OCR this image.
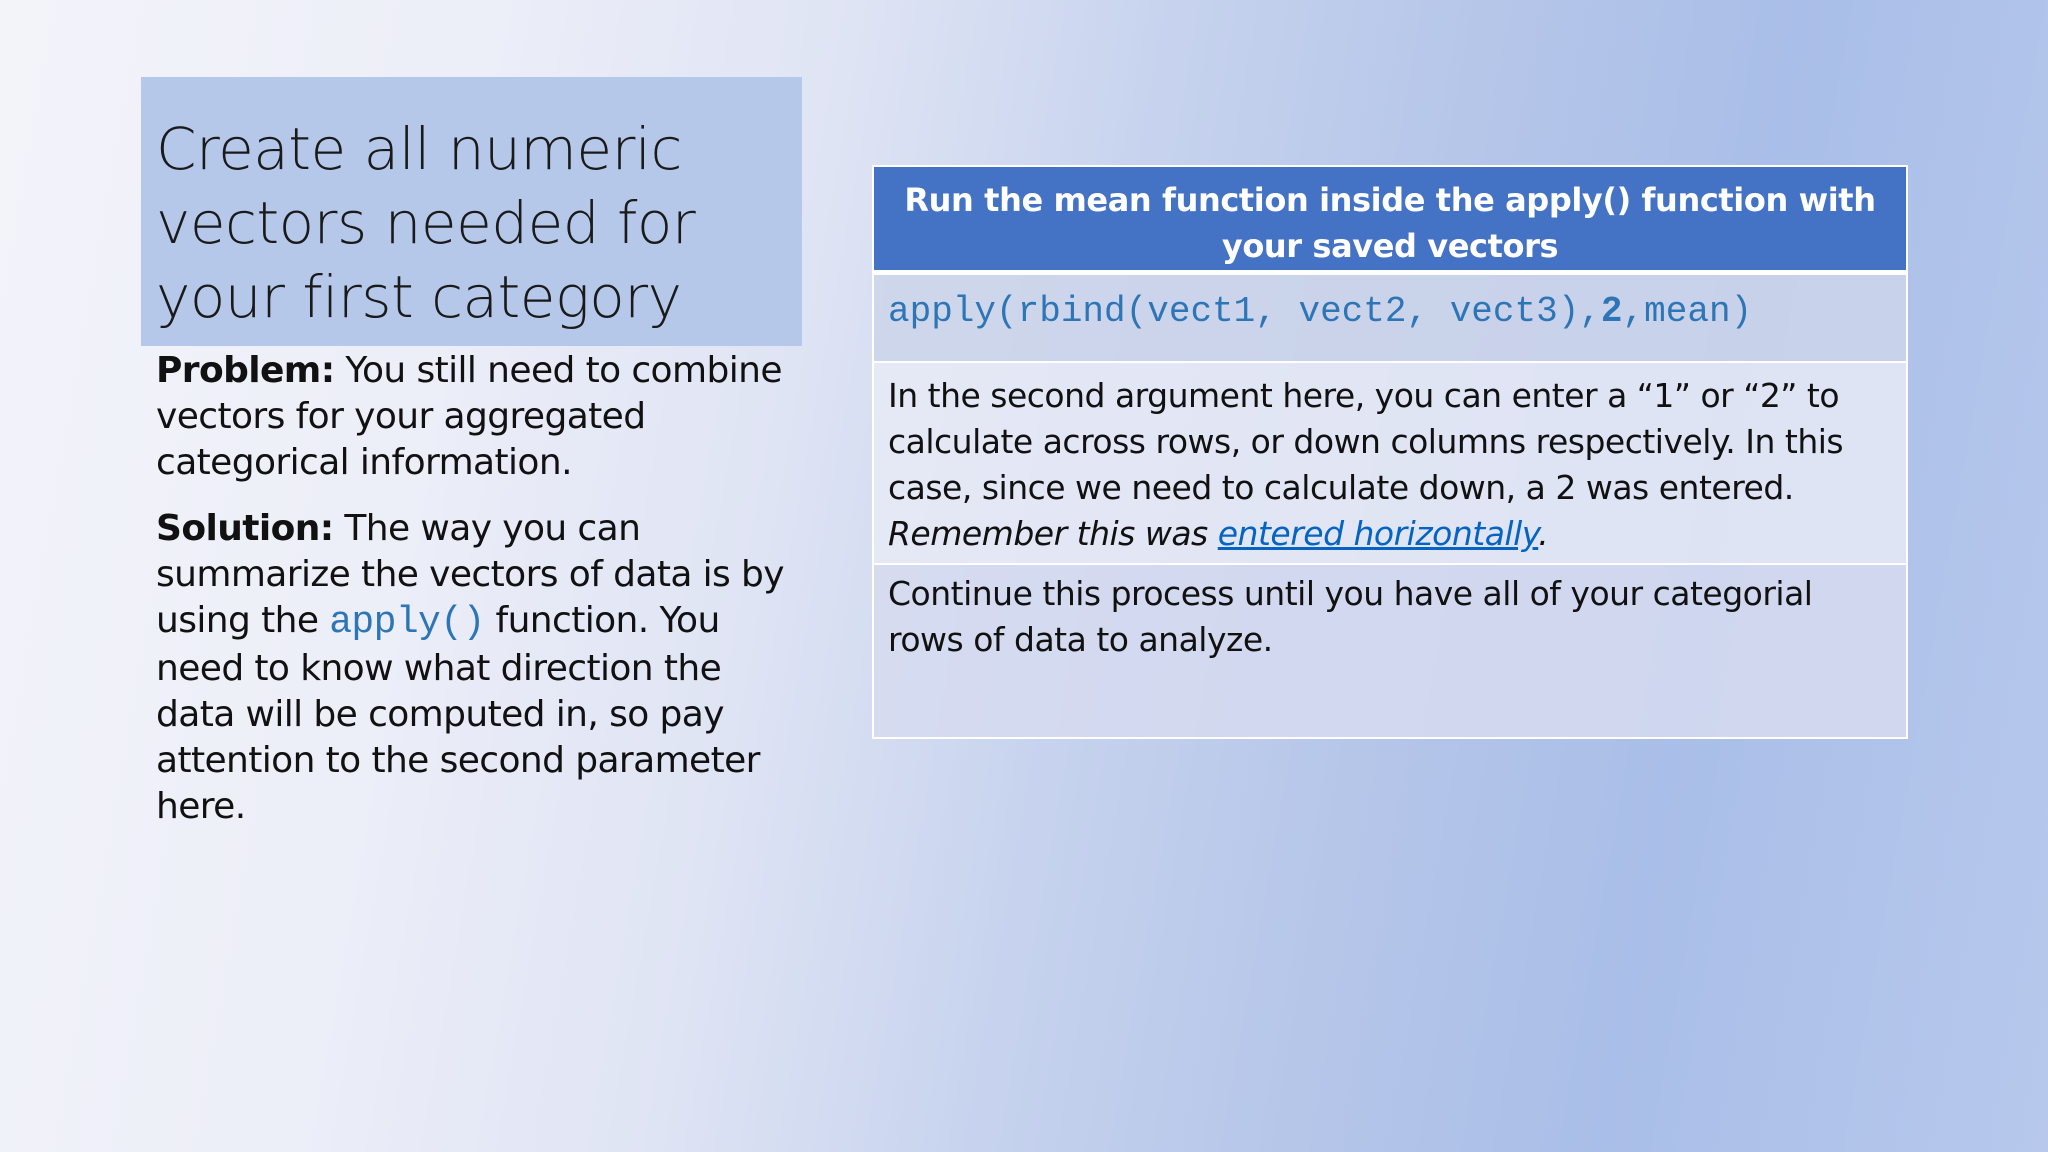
Create all numeric vectors needed for your first category

Problem: You still need to combine vectors for your aggregated categorical information.

Solution: The way you can summarize the vectors of data is by using the apply() function. You need to know what direction the data will be computed in, so pay attention to the second parameter here.

Run the mean function inside the apply() function with your saved vectors
apply(rbind(vect1, vect2, vect3),2,mean)
In the second argument here, you can enter a “1” or “2” to calculate across rows, or down columns respectively. In this case, since we need to calculate down, a 2 was entered. Remember this was entered horizontally.
Continue this process until you have all of your categorial rows of data to analyze.
